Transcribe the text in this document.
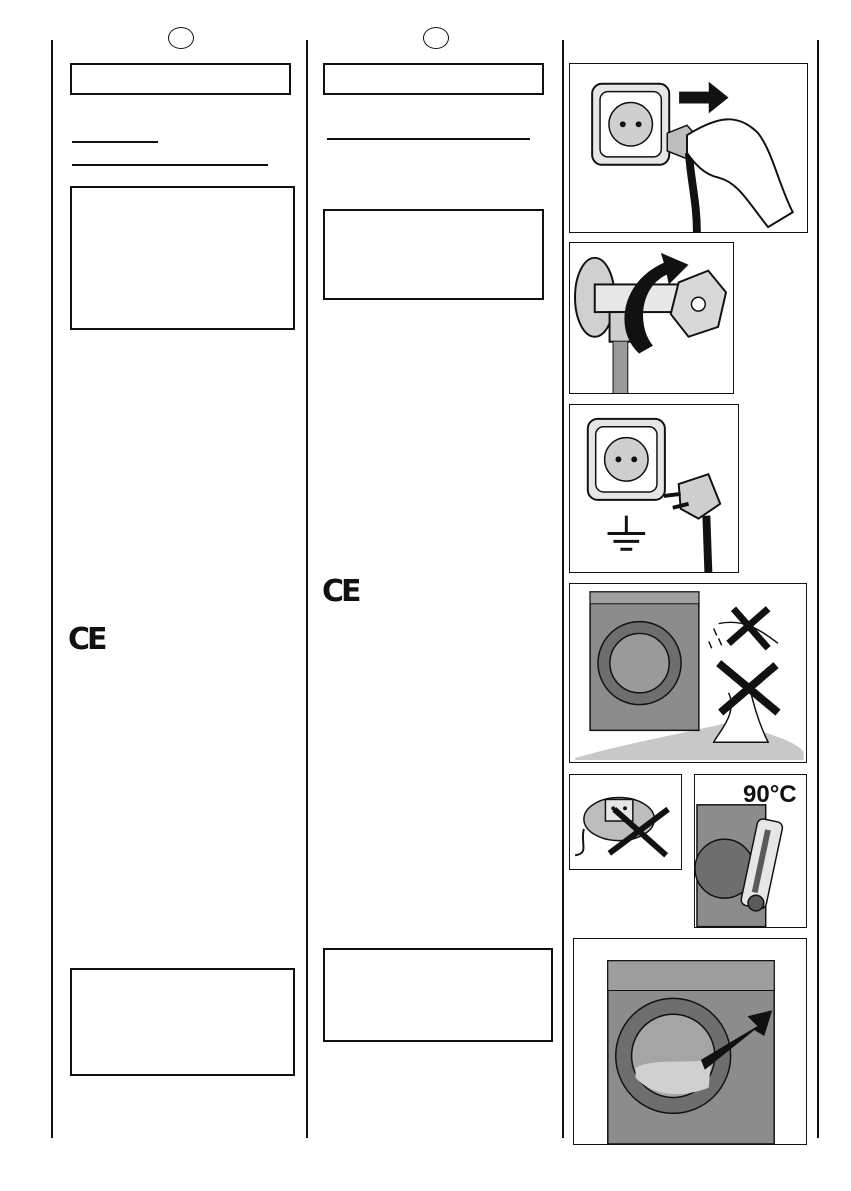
CE
CE
90°C
